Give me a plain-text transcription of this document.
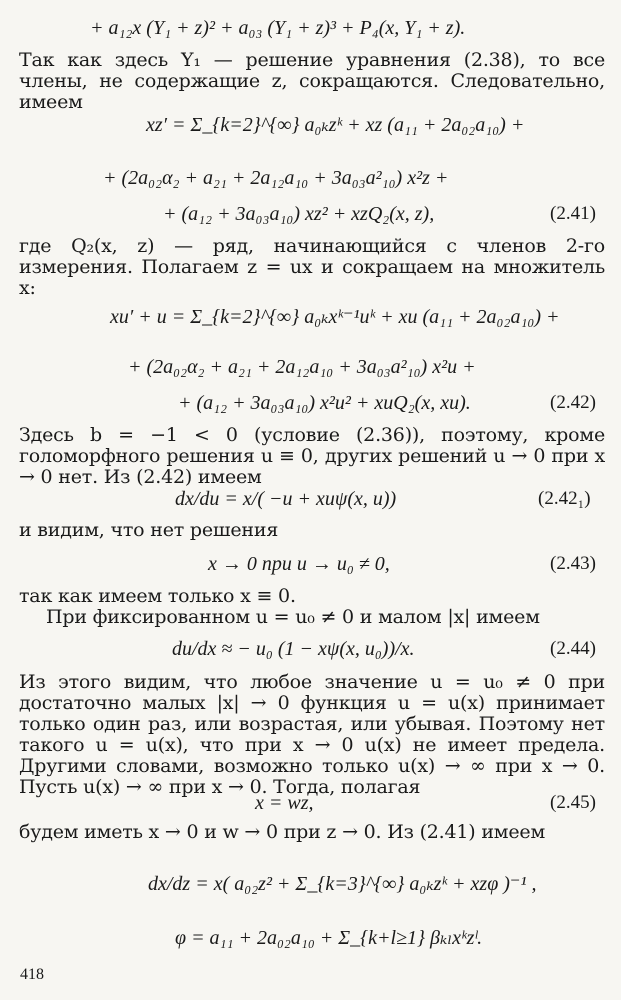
+ a₁₂x (Y₁ + z)² + a₀₃ (Y₁ + z)³ + P₄(x, Y₁ + z).
Так как здесь Y₁ — решение уравнения (2.38), то все члены, не содержащие z, сокращаются. Следовательно, имеем
xz′ = Σ_{k=2}^{∞} a₀ₖzᵏ + xz (a₁₁ + 2a₀₂a₁₀) +
+ (2a₀₂α₂ + a₂₁ + 2a₁₂a₁₀ + 3a₀₃a²₁₀) x²z +
+ (a₁₂ + 3a₀₃a₁₀) xz² + xzQ₂(x, z),	(2.41)
где Q₂(x, z) — ряд, начинающийся с членов 2-го измерения. Полагаем z = ux и сокращаем на множитель x:
xu′ + u = Σ_{k=2}^{∞} a₀ₖxᵏ⁻¹uᵏ + xu (a₁₁ + 2a₀₂a₁₀) +
+ (2a₀₂α₂ + a₂₁ + 2a₁₂a₁₀ + 3a₀₃a²₁₀) x²u +
+ (a₁₂ + 3a₀₃a₁₀) x²u² + xuQ₂(x, xu).	(2.42)
Здесь b = −1 < 0 (условие (2.36)), поэтому, кроме голоморфного решения u ≡ 0, других решений u → 0 при x → 0 нет. Из (2.42) имеем
dx/du = x/( −u + xuψ(x, u))	(2.42₁)
и видим, что нет решения
x → 0 при u → u₀ ≠ 0,	(2.43)
так как имеем только x ≡ 0.
При фиксированном u = u₀ ≠ 0 и малом |x| имеем
du/dx ≈ − u₀ (1 − xψ(x, u₀))/x.	(2.44)
Из этого видим, что любое значение u = u₀ ≠ 0 при достаточно малых |x| → 0 функция u = u(x) принимает только один раз, или возрастая, или убывая. Поэтому нет такого u = u(x), что при x → 0 u(x) не имеет предела. Другими словами, возможно только u(x) → ∞ при x → 0. Пусть u(x) → ∞ при x → 0. Тогда, полагая
x = wz,	(2.45)
будем иметь x → 0 и w → 0 при z → 0. Из (2.41) имеем
dx/dz = x( a₀₂z² + Σ_{k=3}^{∞} a₀ₖzᵏ + xzφ )⁻¹ ,
φ = a₁₁ + 2a₀₂a₁₀ + Σ_{k+l≥1} βₖₗxᵏzˡ.
418
